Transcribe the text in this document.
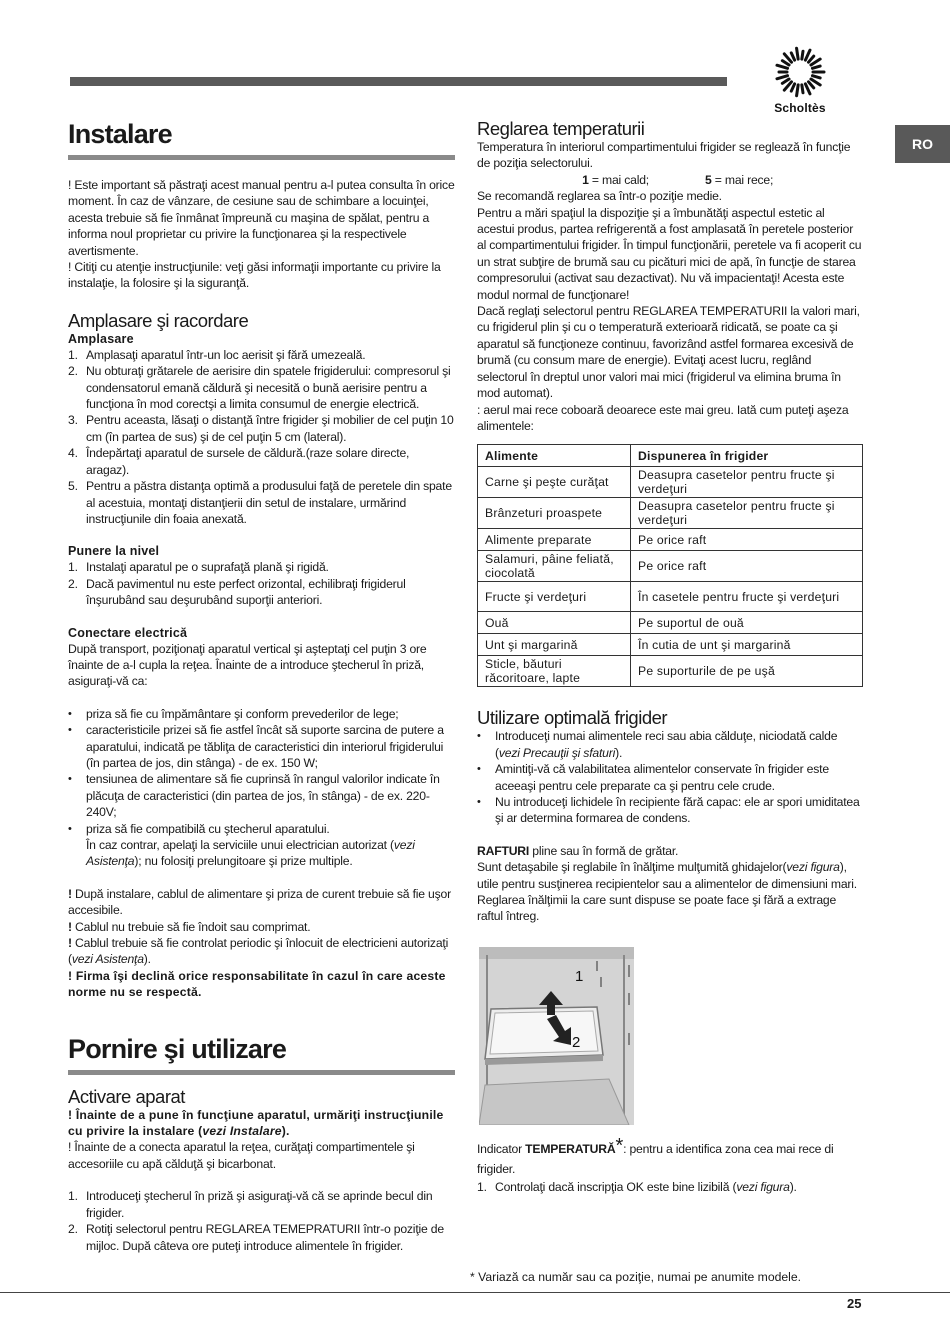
Scholtès
RO
Instalare

! Este important să păstraţi acest manual pentru a-l putea consulta în orice moment. În caz de vânzare, de cesiune sau de schimbare a locuinţei, acesta trebuie să fie înmânat împreună cu maşina de spălat, pentru a informa noul proprietar cu privire la funcţionarea şi la respectivele avertismente.

! Citiţi cu atenţie instrucţiunile: veţi găsi informaţii importante cu privire la instalaţie, la folosire şi la siguranţă.

Amplasare şi racordare
Amplasare
1. Amplasaţi aparatul într-un loc aerisit şi fără umezeală.
2. Nu obturaţi grătarele de aerisire din spatele frigiderului: compresorul şi condensatorul emană căldură şi necesită o bună aerisire pentru a funcţiona în mod corectşi a limita consumul de energie electrică.
3. Pentru aceasta, lăsaţi o distanţă între frigider şi mobilier de cel puţin 10 cm (în partea de sus) şi de cel puţin 5 cm (lateral).
4. Îndepărtaţi aparatul de sursele de căldură.(raze solare directe, aragaz).
5. Pentru a păstra distanţa optimă a produsului faţă de peretele din spate al acestuia, montaţi distanţierii din setul de instalare, urmărind instrucţiunile din foaia anexată.
Punere la nivel
1. Instalaţi aparatul pe o suprafaţă plană şi rigidă.
2. Dacă pavimentul nu este perfect orizontal, echilibraţi frigiderul înşurubând sau deşurubând suporţii anteriori.
Conectare electrică

După transport, poziţionaţi aparatul vertical şi aşteptaţi cel puţin 3 ore înainte de a-l cupla la reţea. Înainte de a introduce ştecherul în priză, asiguraţi-vă ca:

• priza să fie cu împământare şi conform prevederilor de lege;
• caracteristicile prizei să fie astfel încât să suporte sarcina de putere a aparatului, indicată pe tăbliţa de caracteristici din interiorul frigiderului (în partea de jos, din stânga) - de ex. 150 W;
• tensiunea de alimentare să fie cuprinsă în rangul valorilor indicate în plăcuţa de caracteristici (din partea de jos, în stânga) - de ex. 220-240V;
• priza să fie compatibilă cu ştecherul aparatului.
În caz contrar, apelaţi la serviciile unui electrician autorizat (vezi Asistenţa); nu folosiţi prelungitoare şi prize multiple.

! După instalare, cablul de alimentare şi priza de curent trebuie să fie uşor accesibile.

! Cablul nu trebuie să fie îndoit sau comprimat.

! Cablul trebuie să fie controlat periodic şi înlocuit de electricieni autorizaţi (vezi Asistenţa).

! Firma îşi declină orice responsabilitate în cazul în care aceste norme nu se respectă.

Pornire şi utilizare
Activare aparat

! Înainte de a pune în funcţiune aparatul, urmăriţi instrucţiunile cu privire la instalare (vezi Instalare).

! Înainte de a conecta aparatul la reţea, curăţaţi compartimentele şi accesoriile cu apă călduţă şi bicarbonat.

1. Introduceţi ştecherul în priză şi asiguraţi-vă că se aprinde becul din frigider.
2. Rotiţi selectorul pentru REGLAREA TEMEPRATURII într-o poziţie de mijloc. După câteva ore puteţi introduce alimentele în frigider.
Reglarea temperaturii

Temperatura în interiorul compartimentului frigider se reglează în funcţie de poziţia selectorului.

1 = mai cald;	5 = mai rece;

Se recomandă reglarea sa într-o poziţie medie.

Pentru a mări spaţiul la dispoziţie şi a îmbunătăţi aspectul estetic al acestui produs, partea refrigerentă a fost amplasată în peretele posterior al compartimentului frigider. În timpul funcţionării, peretele va fi acoperit cu un strat subţire de brumă sau cu picături mici de apă, în funcţie de starea compresorului (activat sau dezactivat). Nu vă impacientaţi! Acesta este modul normal de funcţionare!

Dacă reglaţi selectorul pentru REGLAREA TEMPERATURII la valori mari, cu frigiderul plin şi cu o temperatură exterioară ridicată, se poate ca şi aparatul să funcţioneze continuu, favorizând astfel formarea excesivă de brumă (cu consum mare de energie). Evitaţi acest lucru, reglând selectorul în dreptul unor valori mai mici (frigiderul va elimina bruma în mod automat).

: aerul mai rece coboară deoarece este mai greu. Iată cum puteţi aşeza alimentele:

Alimente	Dispunerea în frigider
Carne şi peşte curăţat	Deasupra casetelor pentru fructe şi verdeţuri
Brânzeturi proaspete	Deasupra casetelor pentru fructe şi verdeţuri
Alimente preparate	Pe orice raft
Salamuri, pâine feliată, ciocolată	Pe orice raft
Fructe şi verdeţuri	În casetele pentru fructe şi verdeţuri
Ouă	Pe suportul de ouă
Unt şi margarină	În cutia de unt şi margarină
Sticle, băuturi răcoritoare, lapte	Pe suporturile de pe uşă
Utilizare optimală frigider
• Introduceţi numai alimentele reci sau abia călduţe, niciodată calde (vezi Precauţii şi sfaturi).
• Amintiţi-vă că valabilitatea alimentelor conservate în frigider este aceeaşi pentru cele preparate ca şi pentru cele crude.
• Nu introduceţi lichidele în recipiente fără capac: ele ar spori umiditatea şi ar determina formarea de condens.

RAFTURI pline sau în formă de grătar.

Sunt detaşabile şi reglabile în înălţime mulţumită ghidajelor(vezi figura), utile pentru susţinerea recipientelor sau a alimentelor de dimensiuni mari. Reglarea înălţimii la care sunt dispuse se poate face şi fără a extrage raftul întreg.

1
2

Indicator TEMPERATURĂ*: pentru a identifica zona cea mai rece di frigider.

1. Controlaţi dacă inscripţia OK este bine lizibilă (vezi figura).
* Variază ca număr sau ca poziţie, numai pe anumite modele.
25
